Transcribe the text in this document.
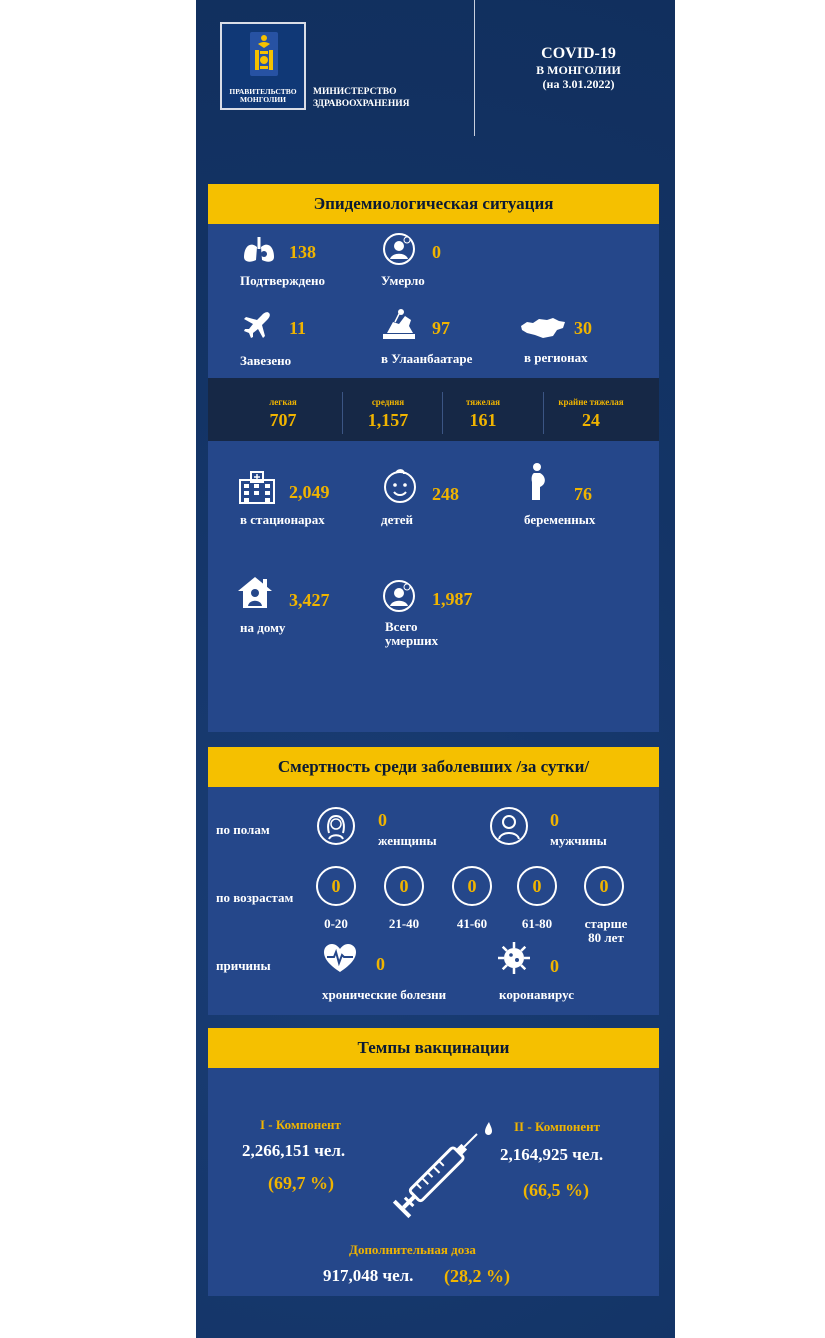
ПРАВИТЕЛЬСТВО
МОНГОЛИИ
МИНИСТЕРСТВО
ЗДРАВООХРАНЕНИЯ
COVID-19
В МОНГОЛИИ
(на 3.01.2022)
Эпидемиологическая ситуация
138
Подтверждено
0
Умерло
11
Завезено
97
в Улаанбаатаре
30
в регионах
легкая
707
средняя
1,157
тяжелая
161
крайне тяжелая
24
2,049
в стационарах
248
детей
76
беременных
3,427
на дому
1,987
Всего
умерших
Смертность среди заболевших /за сутки/
по полам	0
женщины
0
мужчины
по возрастам
0
0-20
0
21-40
0
41-60
0
61-80
0
старше
80 лет
причины	0
хронические болезни
0
коронавирус
Темпы вакцинации
I - Компонент
2,266,151 чел.
(69,7 %)
II - Компонент
2,164,925 чел.
(66,5 %)
Дополнительная доза
917,048 чел. (28,2 %)
